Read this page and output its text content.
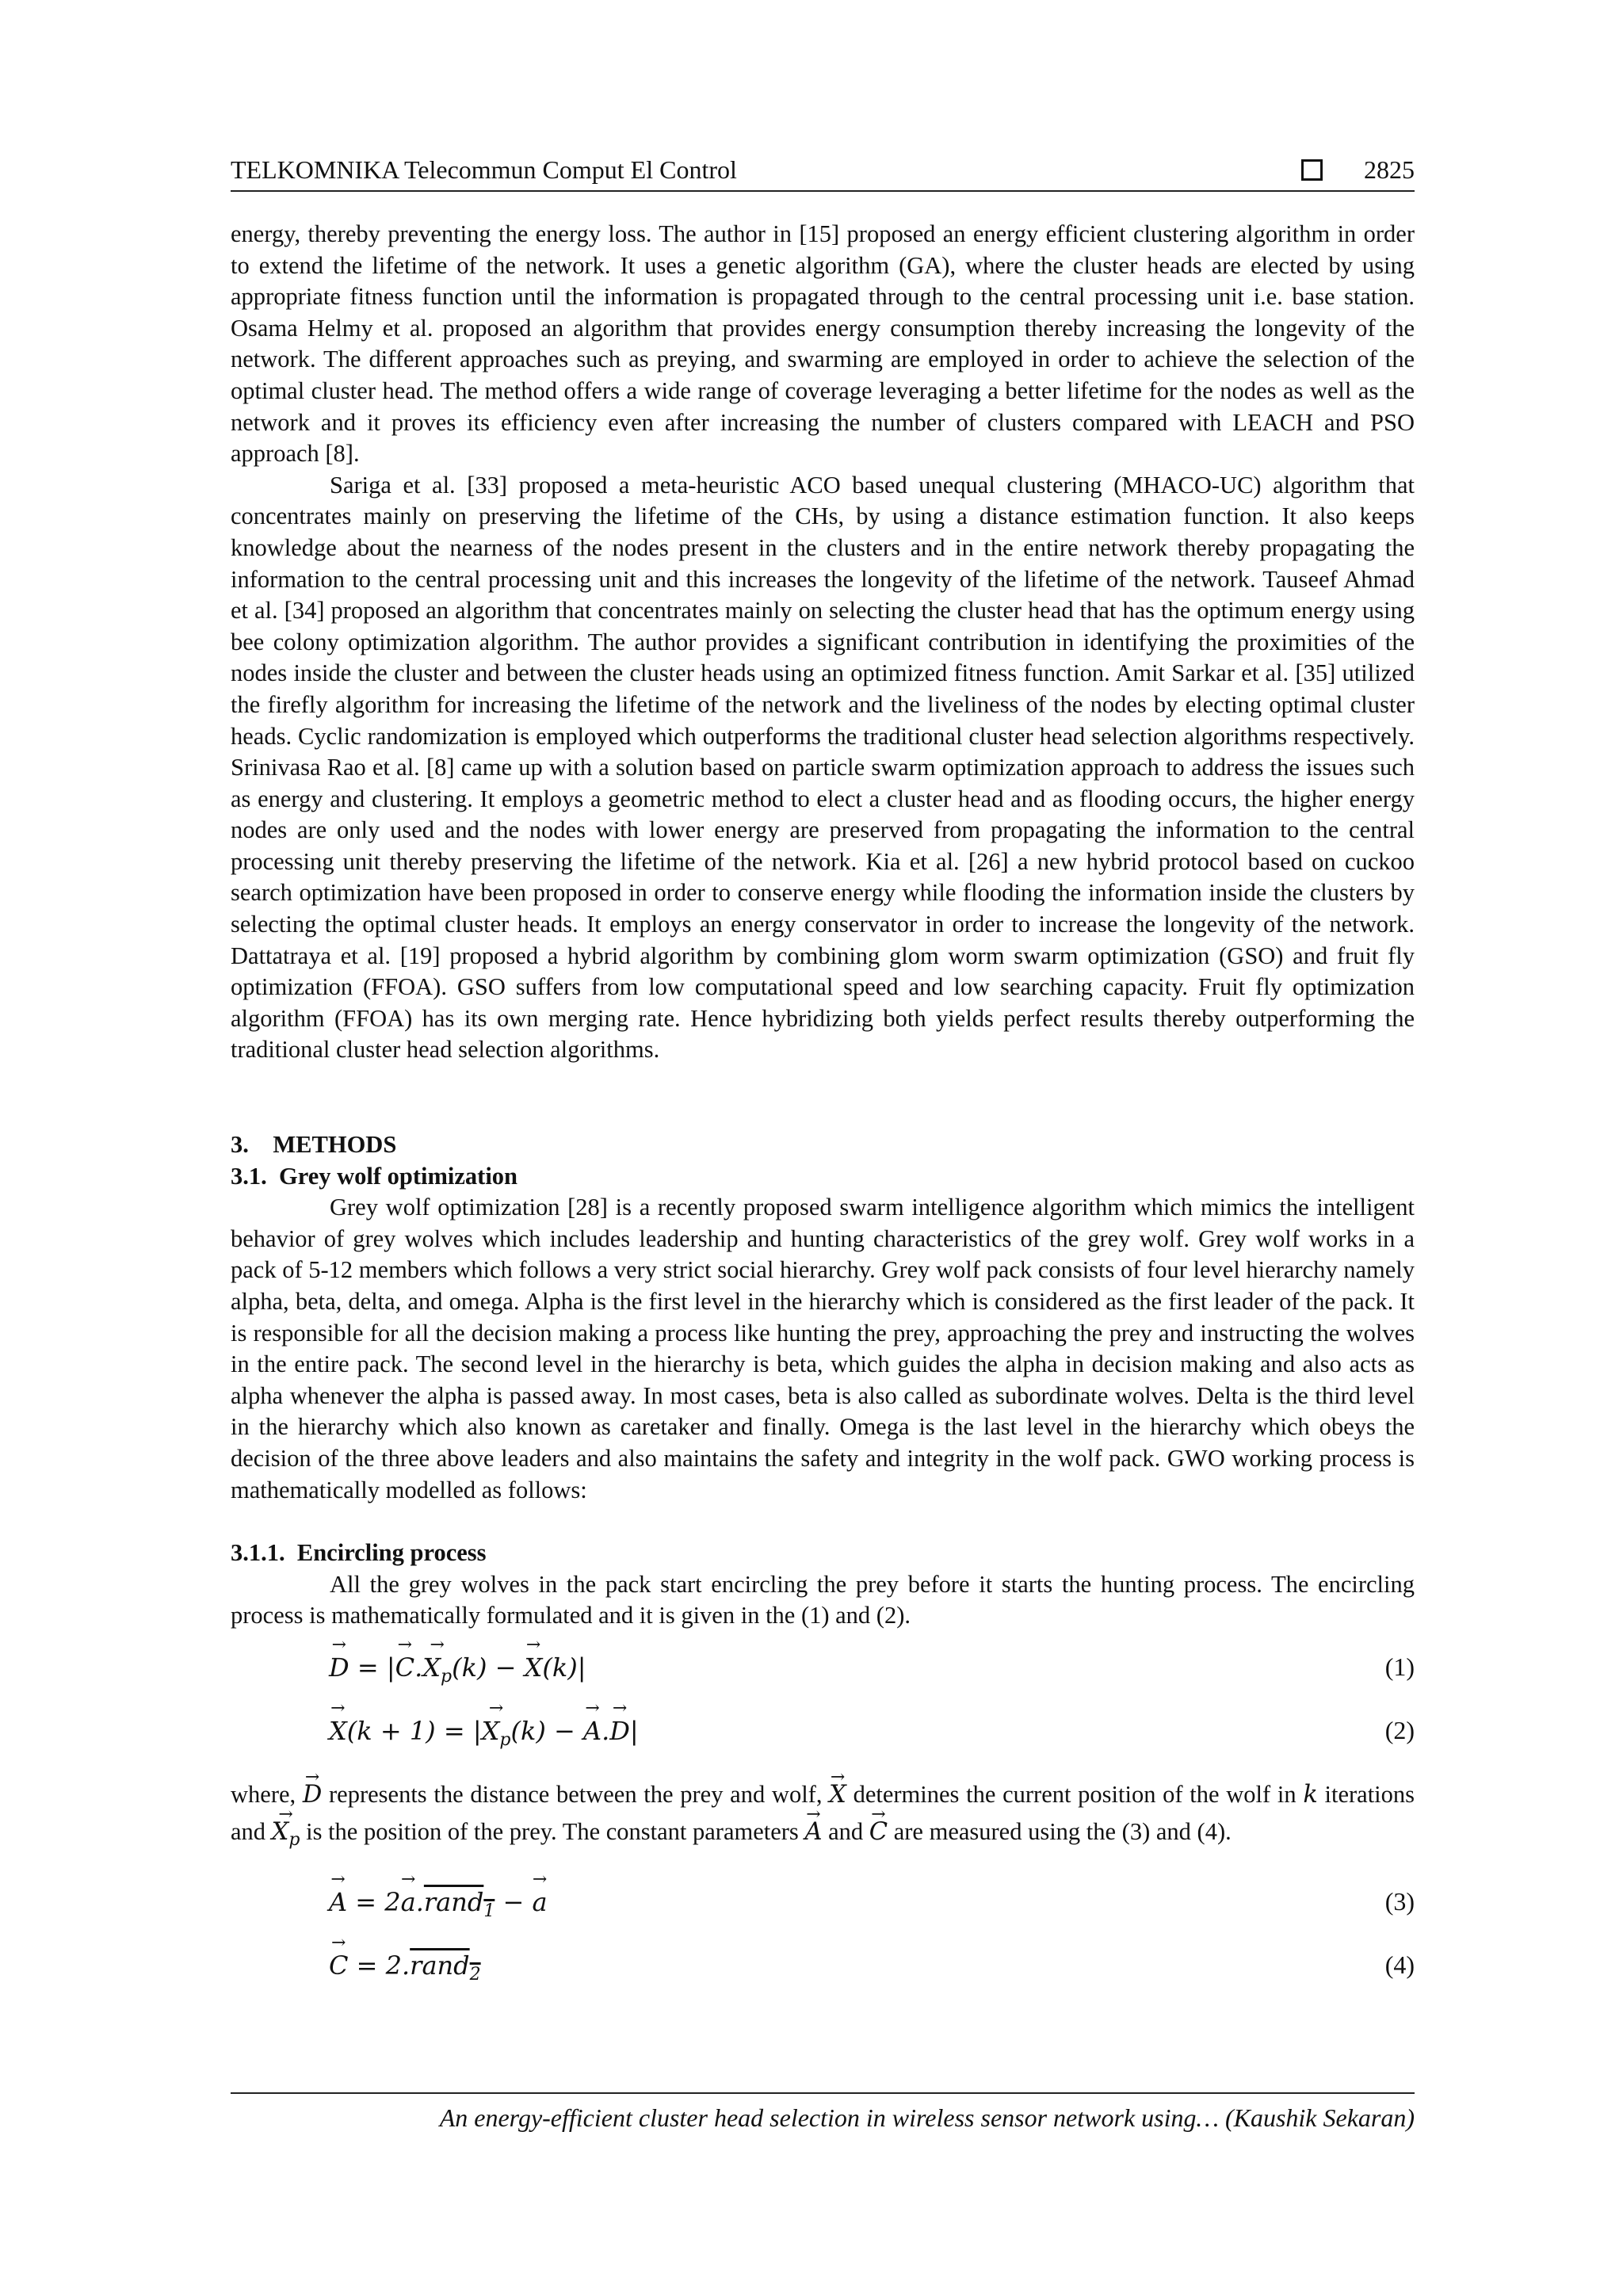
TELKOMNIKA Telecommun Comput El Control	2825

energy, thereby preventing the energy loss. The author in [15] proposed an energy efficient clustering algorithm in order to extend the lifetime of the network. It uses a genetic algorithm (GA), where the cluster heads are elected by using appropriate fitness function until the information is propagated through to the central processing unit i.e. base station. Osama Helmy et al. proposed an algorithm that provides energy consumption thereby increasing the longevity of the network. The different approaches such as preying, and swarming are employed in order to achieve the selection of the optimal cluster head. The method offers a wide range of coverage leveraging a better lifetime for the nodes as well as the network and it proves its efficiency even after increasing the number of clusters compared with LEACH and PSO approach [8].

Sariga et al. [33] proposed a meta-heuristic ACO based unequal clustering (MHACO-UC) algorithm that concentrates mainly on preserving the lifetime of the CHs, by using a distance estimation function. It also keeps knowledge about the nearness of the nodes present in the clusters and in the entire network thereby propagating the information to the central processing unit and this increases the longevity of the lifetime of the network. Tauseef Ahmad et al. [34] proposed an algorithm that concentrates mainly on selecting the cluster head that has the optimum energy using bee colony optimization algorithm. The author provides a significant contribution in identifying the proximities of the nodes inside the cluster and between the cluster heads using an optimized fitness function. Amit Sarkar et al. [35] utilized the firefly algorithm for increasing the lifetime of the network and the liveliness of the nodes by electing optimal cluster heads. Cyclic randomization is employed which outperforms the traditional cluster head selection algorithms respectively. Srinivasa Rao et al. [8] came up with a solution based on particle swarm optimization approach to address the issues such as energy and clustering. It employs a geometric method to elect a cluster head and as flooding occurs, the higher energy nodes are only used and the nodes with lower energy are preserved from propagating the information to the central processing unit thereby preserving the lifetime of the network. Kia et al. [26] a new hybrid protocol based on cuckoo search optimization have been proposed in order to conserve energy while flooding the information inside the clusters by selecting the optimal cluster heads. It employs an energy conservator in order to increase the longevity of the network. Dattatraya et al. [19] proposed a hybrid algorithm by combining glom worm swarm optimization (GSO) and fruit fly optimization (FFOA). GSO suffers from low computational speed and low searching capacity. Fruit fly optimization algorithm (FFOA) has its own merging rate. Hence hybridizing both yields perfect results thereby outperforming the traditional cluster head selection algorithms.

3.    METHODS
3.1.  Grey wolf optimization

Grey wolf optimization [28] is a recently proposed swarm intelligence algorithm which mimics the intelligent behavior of grey wolves which includes leadership and hunting characteristics of the grey wolf. Grey wolf works in a pack of 5-12 members which follows a very strict social hierarchy. Grey wolf pack consists of four level hierarchy namely alpha, beta, delta, and omega. Alpha is the first level in the hierarchy which is considered as the first leader of the pack. It is responsible for all the decision making a process like hunting the prey, approaching the prey and instructing the wolves in the entire pack. The second level in the hierarchy is beta, which guides the alpha in decision making and also acts as alpha whenever the alpha is passed away. In most cases, beta is also called as subordinate wolves. Delta is the third level in the hierarchy which also known as caretaker and finally. Omega is the last level in the hierarchy which obeys the decision of the three above leaders and also maintains the safety and integrity in the wolf pack. GWO working process is mathematically modelled as follows:

3.1.1.  Encircling process

All the grey wolves in the pack start encircling the prey before it starts the hunting process. The encircling process is mathematically formulated and it is given in the (1) and (2).

→ D = |→ $C.\to X_p(k)$ − → X(k)|	(1)
→ X(k + 1) = |→ $X_p(k)$ − → A.→ D|	(2)

where, → D represents the distance between the prey and wolf, → X determines the current position of the wolf in k iterations and → $X_p$ is the position of the prey. The constant parameters → A and → C are measured using the (3) and (4).

→ A = 2→ a.rand$_1$ − → a	(3)
→ C = 2.rand$_2$	(4)
An energy-efficient cluster head selection in wireless sensor network using… (Kaushik Sekaran)
